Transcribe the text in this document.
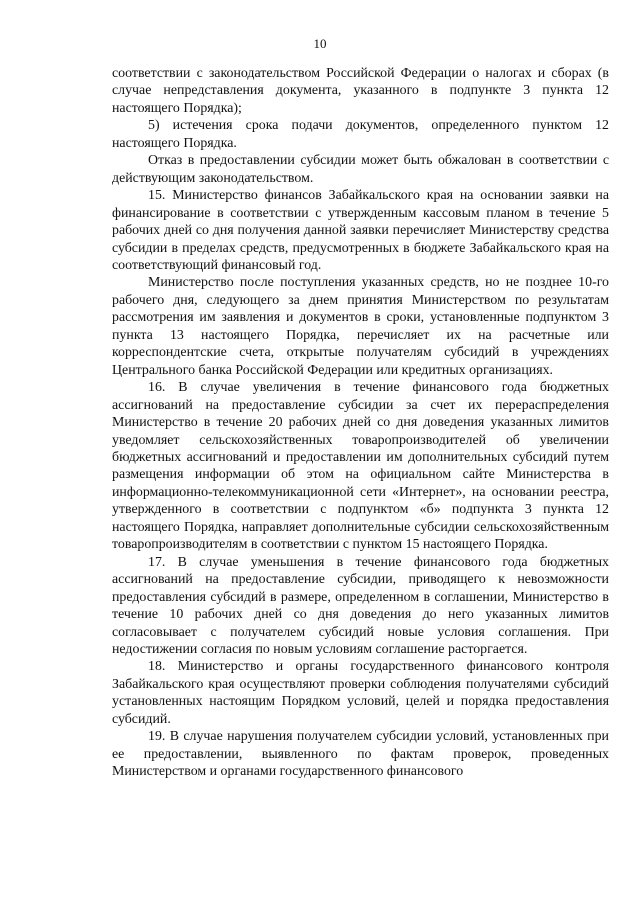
10

соответствии с законодательством Российской Федерации о налогах и сборах (в случае непредставления документа, указанного в подпункте 3 пункта 12 настоящего Порядка);

5) истечения срока подачи документов, определенного пунктом 12 настоящего Порядка.

Отказ в предоставлении субсидии может быть обжалован в соответствии с действующим законодательством.

15. Министерство финансов Забайкальского края на основании заявки на финансирование в соответствии с утвержденным кассовым планом в течение 5 рабочих дней со дня получения данной заявки перечисляет Министерству средства субсидии в пределах средств, предусмотренных в бюджете Забайкальского края на соответствующий финансовый год.

Министерство после поступления указанных средств, но не позднее 10-го рабочего дня, следующего за днем принятия Министерством по результатам рассмотрения им заявления и документов в сроки, установленные подпунктом 3 пункта 13 настоящего Порядка, перечисляет их на расчетные или корреспондентские счета, открытые получателям субсидий в учреждениях Центрального банка Российской Федерации или кредитных организациях.

16. В случае увеличения в течение финансового года бюджетных ассигнований на предоставление субсидии за счет их перераспределения Министерство в течение 20 рабочих дней со дня доведения указанных лимитов уведомляет сельскохозяйственных товаропроизводителей об увеличении бюджетных ассигнований и предоставлении им дополнительных субсидий путем размещения информации об этом на официальном сайте Министерства в информационно-телекоммуникационной сети «Интернет», на основании реестра, утвержденного в соответствии с подпунктом «б» подпункта 3 пункта 12 настоящего Порядка, направляет дополнительные субсидии сельскохозяйственным товаропроизводителям в соответствии с пунктом 15 настоящего Порядка.

17. В случае уменьшения в течение финансового года бюджетных ассигнований на предоставление субсидии, приводящего к невозможности предоставления субсидий в размере, определенном в соглашении, Министерство в течение 10 рабочих дней со дня доведения до него указанных лимитов согласовывает с получателем субсидий новые условия соглашения. При недостижении согласия по новым условиям соглашение расторгается.

18. Министерство и органы государственного финансового контроля Забайкальского края осуществляют проверки соблюдения получателями субсидий установленных настоящим Порядком условий, целей и порядка предоставления субсидий.

19. В случае нарушения получателем субсидии условий, установленных при ее предоставлении, выявленного по фактам проверок, проведенных Министерством и органами государственного финансового
